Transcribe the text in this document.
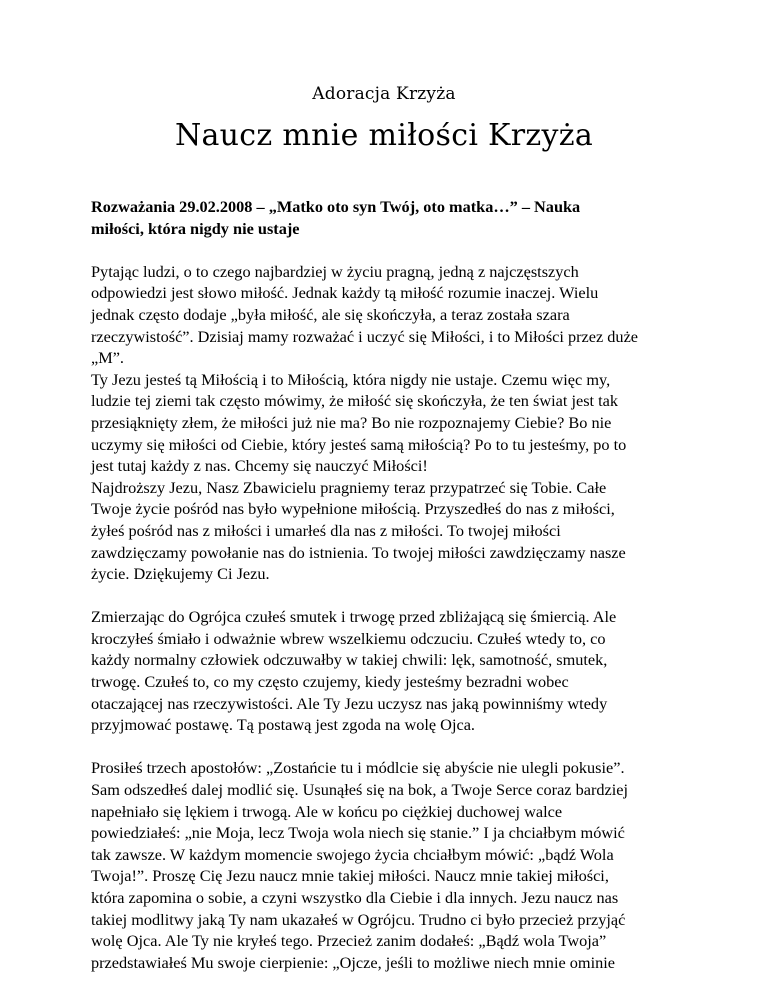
Adoracja Krzyża
Naucz mnie miłości Krzyża
Rozważania 29.02.2008 – „Matko oto syn Twój, oto matka…” – Nauka
miłości, która nigdy nie ustaje
Pytając ludzi, o to czego najbardziej w życiu pragną, jedną z najczęstszych
odpowiedzi jest słowo miłość. Jednak każdy tą miłość rozumie inaczej. Wielu
jednak często dodaje „była miłość, ale się skończyła, a teraz została szara
rzeczywistość”. Dzisiaj mamy rozważać i uczyć się Miłości, i to Miłości przez duże
„M”.
Ty Jezu jesteś tą Miłością i to Miłością, która nigdy nie ustaje. Czemu więc my,
ludzie tej ziemi tak często mówimy, że miłość się skończyła, że ten świat jest tak
przesiąknięty złem, że miłości już nie ma? Bo nie rozpoznajemy Ciebie? Bo nie
uczymy się miłości od Ciebie, który jesteś samą miłością? Po to tu jesteśmy, po to
jest tutaj każdy z nas. Chcemy się nauczyć Miłości!
Najdroższy Jezu, Nasz Zbawicielu pragniemy teraz przypatrzeć się Tobie. Całe
Twoje życie pośród nas było wypełnione miłością. Przyszedłeś do nas z miłości,
żyłeś pośród nas z miłości i umarłeś dla nas z miłości. To twojej miłości
zawdzięczamy powołanie nas do istnienia. To twojej miłości zawdzięczamy nasze
życie. Dziękujemy Ci Jezu.
Zmierzając do Ogrójca czułeś smutek i trwogę przed zbliżającą się śmiercią. Ale
kroczyłeś śmiało i odważnie wbrew wszelkiemu odczuciu. Czułeś wtedy to, co
każdy normalny człowiek odczuwałby w takiej chwili: lęk, samotność, smutek,
trwogę. Czułeś to, co my często czujemy, kiedy jesteśmy bezradni wobec
otaczającej nas rzeczywistości. Ale Ty Jezu uczysz nas jaką powinniśmy wtedy
przyjmować postawę. Tą postawą jest zgoda na wolę Ojca.
Prosiłeś trzech apostołów: „Zostańcie tu i módlcie się abyście nie ulegli pokusie”.
Sam odszedłeś dalej modlić się. Usunąłeś się na bok, a Twoje Serce coraz bardziej
napełniało się lękiem i trwogą. Ale w końcu po ciężkiej duchowej walce
powiedziałeś: „nie Moja, lecz Twoja wola niech się stanie.” I ja chciałbym mówić
tak zawsze. W każdym momencie swojego życia chciałbym mówić: „bądź Wola
Twoja!”. Proszę Cię Jezu naucz mnie takiej miłości. Naucz mnie takiej miłości,
która zapomina o sobie, a czyni wszystko dla Ciebie i dla innych. Jezu naucz nas
takiej modlitwy jaką Ty nam ukazałeś w Ogrójcu. Trudno ci było przecież przyjąć
wolę Ojca. Ale Ty nie kryłeś tego. Przecież zanim dodałeś: „Bądź wola Twoja”
przedstawiałeś Mu swoje cierpienie: „Ojcze, jeśli to możliwe niech mnie ominie
